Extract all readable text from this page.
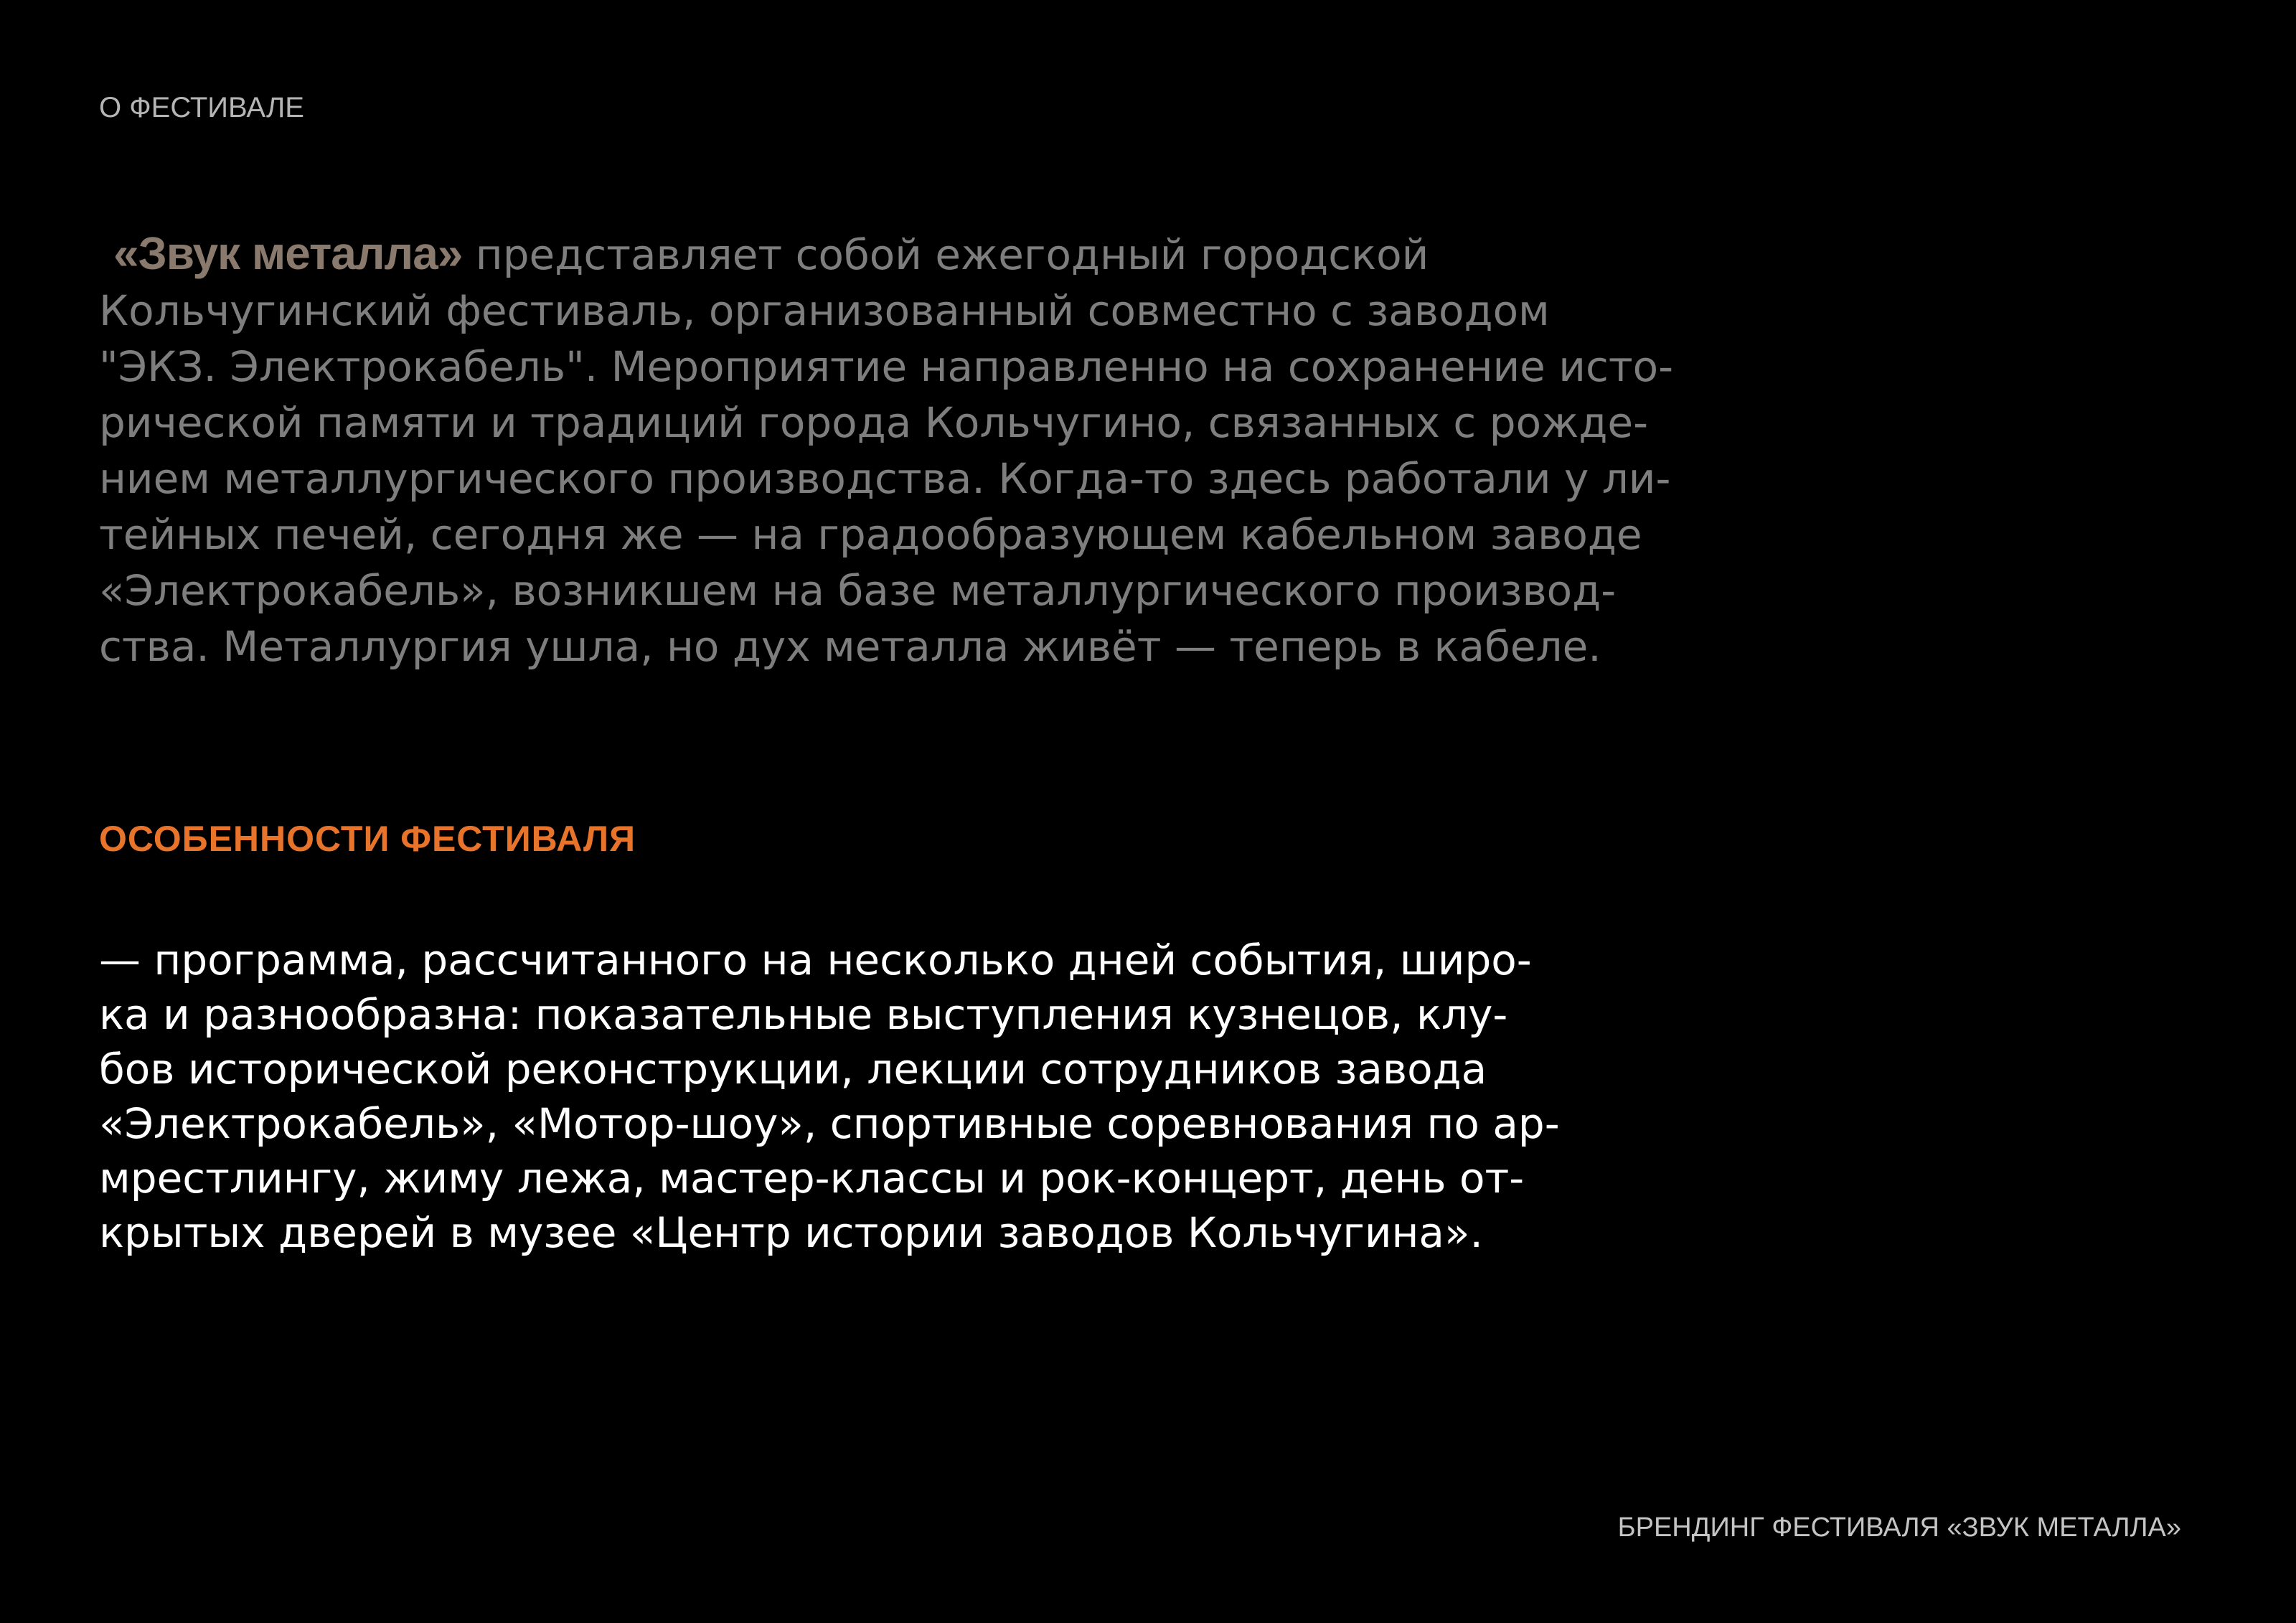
О ФЕСТИВАЛЕ

«Звук металла» представляет собой ежегодный городской
Кольчугинский фестиваль, организованный совместно с заводом
"ЭКЗ. Электрокабель". Мероприятие направленно на сохранение исто-
рической памяти и традиций города Кольчугино, связанных с рожде-
нием металлургического производства. Когда-то здесь работали у ли-
тейных печей, сегодня же — на градообразующем кабельном заводе
«Электрокабель», возникшем на базе металлургического производ-
ства. Металлургия ушла, но дух металла живёт — теперь в кабеле.

ОСОБЕННОСТИ ФЕСТИВАЛЯ

— программа, рассчитанного на несколько дней события, широ-
ка и разнообразна: показательные выступления кузнецов, клу-
бов исторической реконструкции, лекции сотрудников завода
«Электрокабель», «Мотор-шоу», спортивные соревнования по ар-
мрестлингу, жиму лежа, мастер-классы и рок-концерт, день от-
крытых дверей в музее «Центр истории заводов Кольчугина».

БРЕНДИНГ ФЕСТИВАЛЯ «ЗВУК МЕТАЛЛА»
